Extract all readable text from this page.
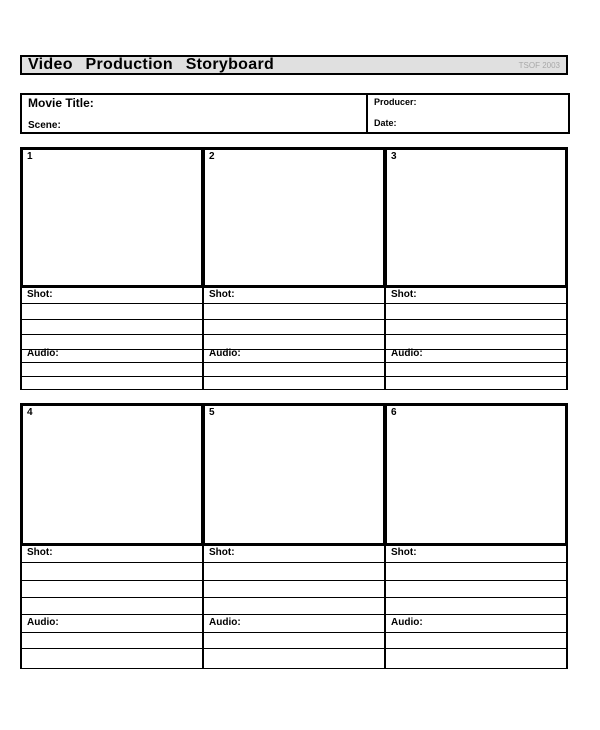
Video Production Storyboard	TSOF 2003
Movie Title:
Scene:
Producer:
Date:
1
Shot:
Audio:
2
Shot:
Audio:
3
Shot:
Audio:
4
Shot:
Audio:
5
Shot:
Audio:
6
Shot:
Audio:
